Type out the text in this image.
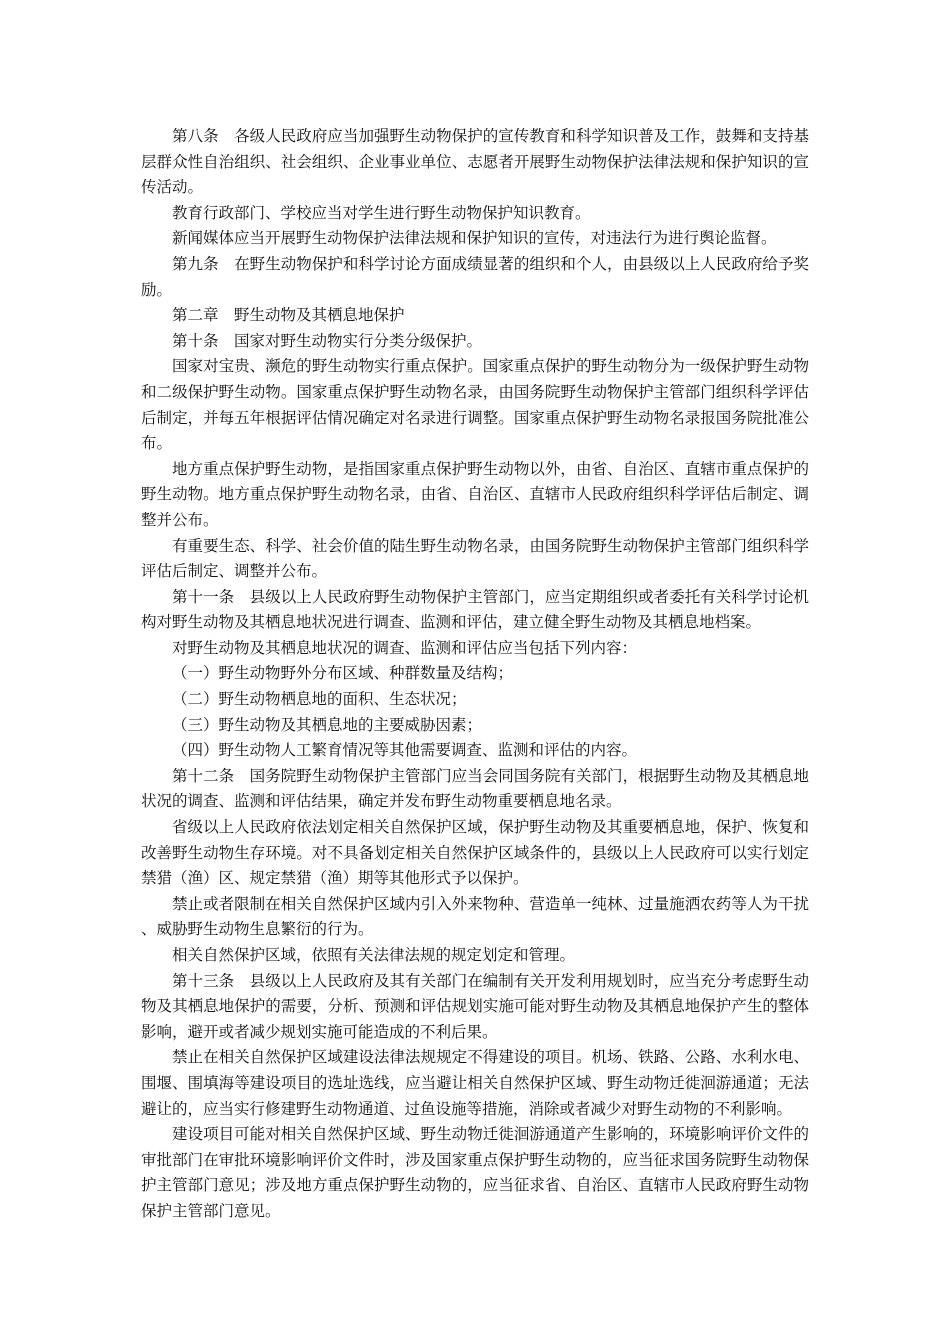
第八条　各级人民政府应当加强野生动物保护的宣传教育和科学知识普及工作，鼓舞和支持基层群众性自治组织、社会组织、企业事业单位、志愿者开展野生动物保护法律法规和保护知识的宣传活动。

教育行政部门、学校应当对学生进行野生动物保护知识教育。

新闻媒体应当开展野生动物保护法律法规和保护知识的宣传，对违法行为进行舆论监督。

第九条　在野生动物保护和科学讨论方面成绩显著的组织和个人，由县级以上人民政府给予奖励。

第二章　野生动物及其栖息地保护

第十条　国家对野生动物实行分类分级保护。

国家对宝贵、濒危的野生动物实行重点保护。国家重点保护的野生动物分为一级保护野生动物和二级保护野生动物。国家重点保护野生动物名录，由国务院野生动物保护主管部门组织科学评估后制定，并每五年根据评估情况确定对名录进行调整。国家重点保护野生动物名录报国务院批准公布。

地方重点保护野生动物，是指国家重点保护野生动物以外，由省、自治区、直辖市重点保护的野生动物。地方重点保护野生动物名录，由省、自治区、直辖市人民政府组织科学评估后制定、调整并公布。

有重要生态、科学、社会价值的陆生野生动物名录，由国务院野生动物保护主管部门组织科学评估后制定、调整并公布。

第十一条　县级以上人民政府野生动物保护主管部门，应当定期组织或者委托有关科学讨论机构对野生动物及其栖息地状况进行调查、监测和评估，建立健全野生动物及其栖息地档案。

对野生动物及其栖息地状况的调查、监测和评估应当包括下列内容：

（一）野生动物野外分布区域、种群数量及结构；

（二）野生动物栖息地的面积、生态状况；

（三）野生动物及其栖息地的主要威胁因素；

（四）野生动物人工繁育情况等其他需要调查、监测和评估的内容。

第十二条　国务院野生动物保护主管部门应当会同国务院有关部门，根据野生动物及其栖息地状况的调查、监测和评估结果，确定并发布野生动物重要栖息地名录。

省级以上人民政府依法划定相关自然保护区域，保护野生动物及其重要栖息地，保护、恢复和改善野生动物生存环境。对不具备划定相关自然保护区域条件的，县级以上人民政府可以实行划定禁猎（渔）区、规定禁猎（渔）期等其他形式予以保护。

禁止或者限制在相关自然保护区域内引入外来物种、营造单一纯林、过量施洒农药等人为干扰、威胁野生动物生息繁衍的行为。

相关自然保护区域，依照有关法律法规的规定划定和管理。

第十三条　县级以上人民政府及其有关部门在编制有关开发利用规划时，应当充分考虑野生动物及其栖息地保护的需要，分析、预测和评估规划实施可能对野生动物及其栖息地保护产生的整体影响，避开或者减少规划实施可能造成的不利后果。

禁止在相关自然保护区域建设法律法规规定不得建设的项目。机场、铁路、公路、水利水电、围堰、围填海等建设项目的选址选线，应当避让相关自然保护区域、野生动物迁徙洄游通道；无法避让的，应当实行修建野生动物通道、过鱼设施等措施，消除或者减少对野生动物的不利影响。

建设项目可能对相关自然保护区域、野生动物迁徙洄游通道产生影响的，环境影响评价文件的审批部门在审批环境影响评价文件时，涉及国家重点保护野生动物的，应当征求国务院野生动物保护主管部门意见；涉及地方重点保护野生动物的，应当征求省、自治区、直辖市人民政府野生动物保护主管部门意见。
